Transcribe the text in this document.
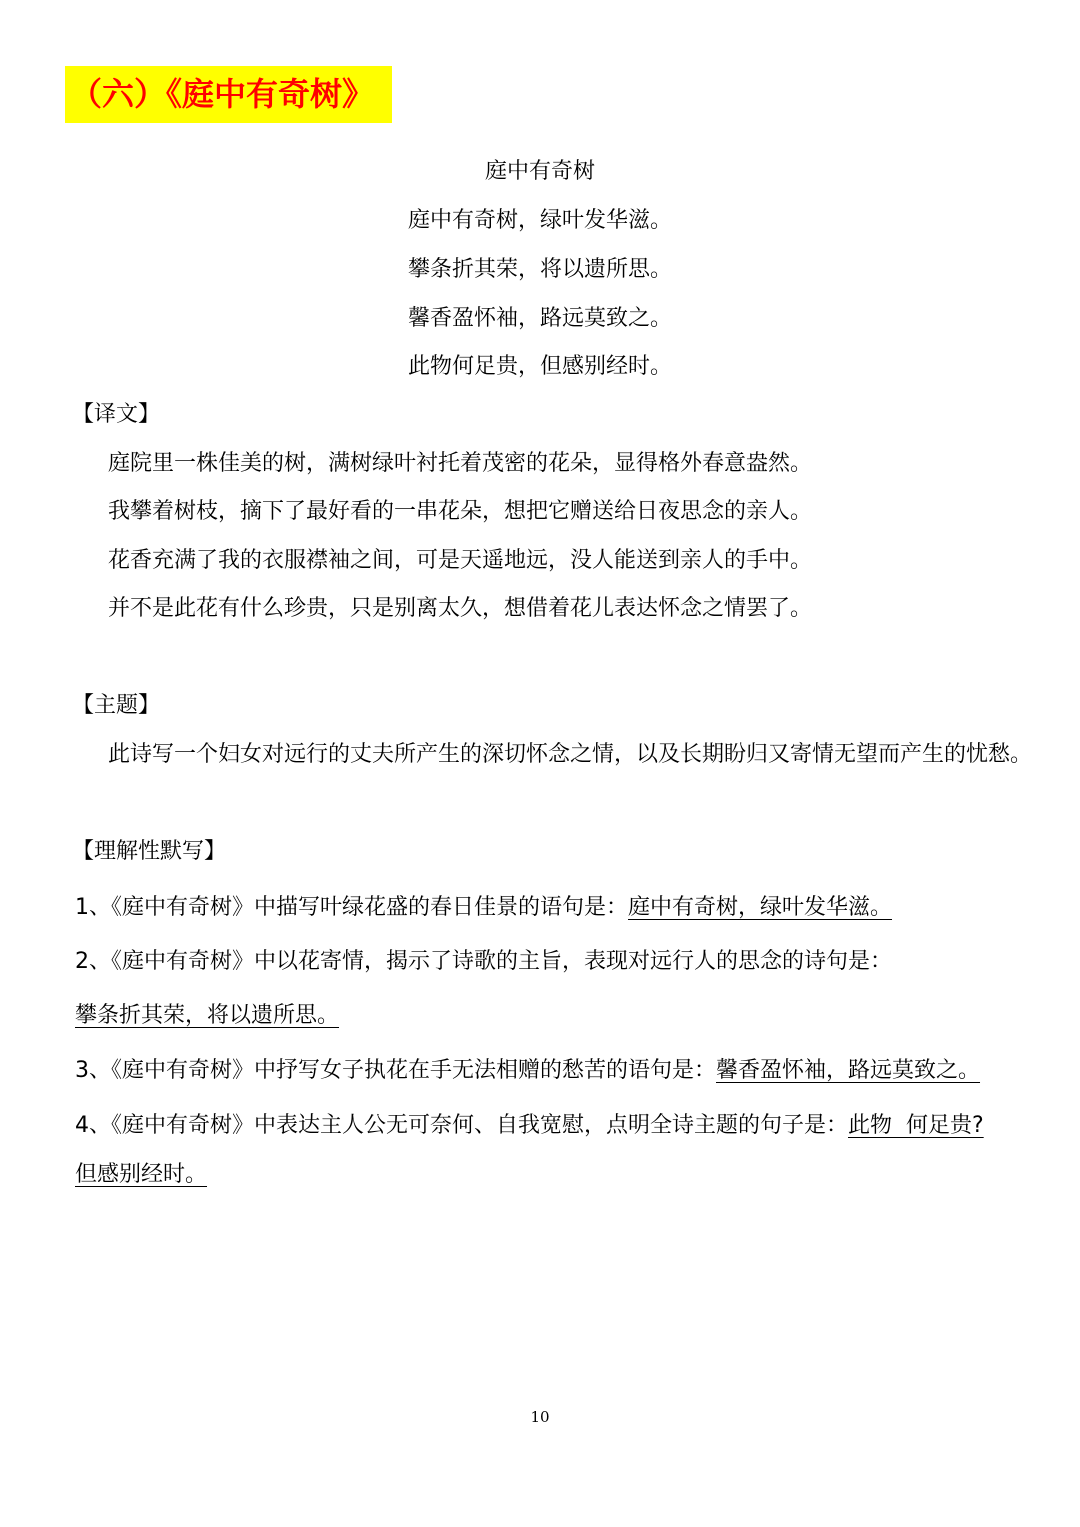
（六）《庭中有奇树》
庭中有奇树
庭中有奇树，绿叶发华滋。
攀条折其荣，将以遗所思。
馨香盈怀袖，路远莫致之。
此物何足贵，但感别经时。
【译文】
庭院里一株佳美的树，满树绿叶衬托着茂密的花朵，显得格外春意盎然。
我攀着树枝，摘下了最好看的一串花朵，想把它赠送给日夜思念的亲人。
花香充满了我的衣服襟袖之间，可是天遥地远，没人能送到亲人的手中。
并不是此花有什么珍贵，只是别离太久，想借着花儿表达怀念之情罢了。
【主题】
此诗写一个妇女对远行的丈夫所产生的深切怀念之情，以及长期盼归又寄情无望而产生的忧愁。
【理解性默写】
1、《庭中有奇树》中描写叶绿花盛的春日佳景的语句是：庭中有奇树，绿叶发华滋。
2、《庭中有奇树》中以花寄情，揭示了诗歌的主旨，表现对远行人的思念的诗句是：
攀条折其荣，将以遗所思。
3、《庭中有奇树》中抒写女子执花在手无法相赠的愁苦的语句是：馨香盈怀袖，路远莫致之。
4、《庭中有奇树》中表达主人公无可奈何、自我宽慰，点明全诗主题的句子是：此物  何足贵?
但感别经时。
10
